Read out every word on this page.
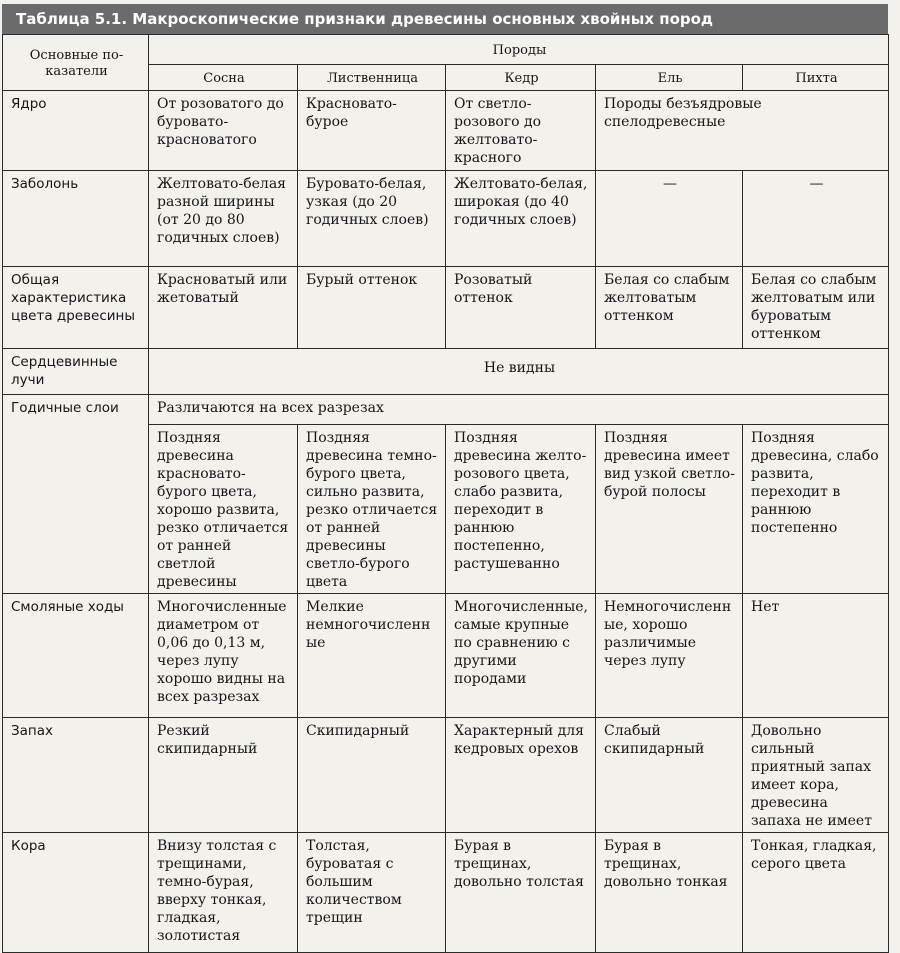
Таблица 5.1. Макроскопические признаки древесины основных хвойных пород
Основные по-
казатели	Породы				
	Сосна	Лиственница	Кедр	Ель	Пихта
Ядро	От розоватого до буровато-красноватого	Красновато-бурое	От светло-розового до желтовато-красного	Породы безъядровые спелодревесные	
Заболонь	Желтовато-белая разной ширины (от 20 до 80 годичных слоев)	Буровато-белая, узкая (до 20 годичных слоев)	Желтовато-белая, широкая (до 40 годичных слоев)	—	—
Общая характеристика цвета древесины	Красноватый или жетоватый	Бурый оттенок	Розоватый оттенок	Белая со слабым желтоватым оттенком	Белая со слабым желтоватым или буроватым оттенком
Сердцевинные лучи	Не видны				
Годичные слои	Различаются на всех разрезах				
	Поздняя древесина красновато-бурого цвета, хорошо развита, резко отличается от ранней светлой древесины	Поздняя древесина темно-бурого цвета, сильно развита, резко отличается от ранней древесины светло-бурого цвета	Поздняя древесина желто-розового цвета, слабо развита, переходит в раннюю постепенно, растушеванно	Поздняя древесина имеет вид узкой светло-бурой полосы	Поздняя древесина, слабо развита, переходит в раннюю постепенно
Смоляные ходы	Многочисленные диаметром от 0,06 до 0,13 м, через лупу хорошо видны на всех разрезах	Мелкие немногочисленные	Многочисленные, самые крупные по сравнению с другими породами	Немногочисленные, хорошо различимые через лупу	Нет
Запах	Резкий скипидарный	Скипидарный	Характерный для кедровых орехов	Слабый скипидарный	Довольно сильный приятный запах имеет кора, древесина запаха не имеет
Кора	Внизу толстая с трещинами, темно-бурая, вверху тонкая, гладкая, золотистая	Толстая, буроватая с большим количеством трещин	Бурая в трещинах, довольно толстая	Бурая в трещинах, довольно тонкая	Тонкая, гладкая, серого цвета
